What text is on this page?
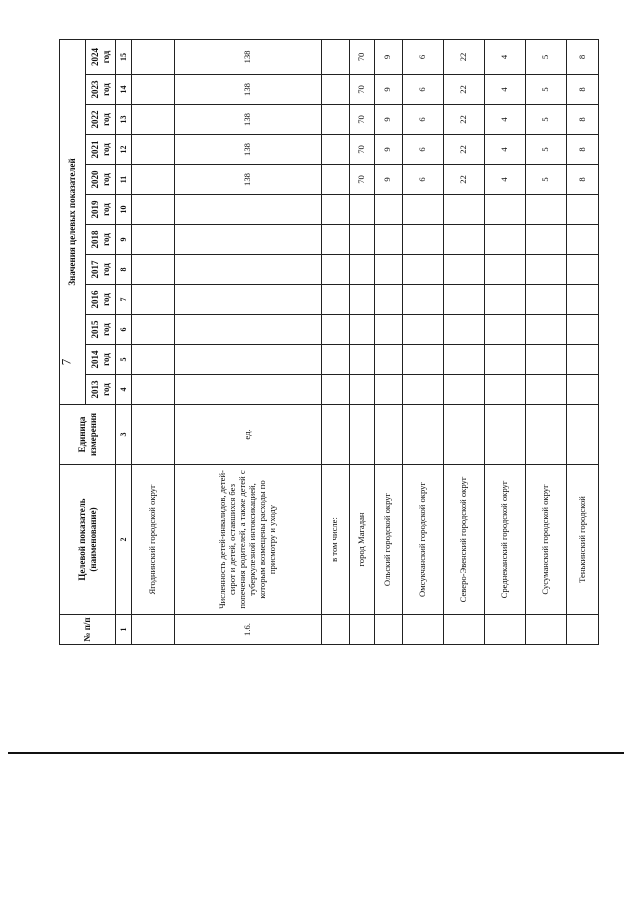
7
№ п/п	Целевой показатель (наименование)	Единица измерения	Значения целевых показателей											
			2013 год	2014 год	2015 год	2016 год	2017 год	2018 год	2019 год	2020 год	2021 год	2022 год	2023 год	2024 год
1	2	3	4	5	6	7	8	9	10	11	12	13	14	15
	Ягоднинский городской округ													
1.6.	Численность детей-инвалидов, детей-сирот и детей, оставшихся без попечения родителей, а также детей с туберкулезной интоксикацией, которым возмещены расходы по присмотру и уходу	ед.								138	138	138	138	138
	в том числе:													
	город Магадан									70	70	70	70	70
	Ольский городской округ									9	9	9	9	9
	Омсукчанский городской округ									6	6	6	6	6
	Северо-Эвенский городской округ									22	22	22	22	22
	Среднеканский городской округ									4	4	4	4	4
	Сусуманский городской округ									5	5	5	5	5
	Тенькинский городской									8	8	8	8	8
